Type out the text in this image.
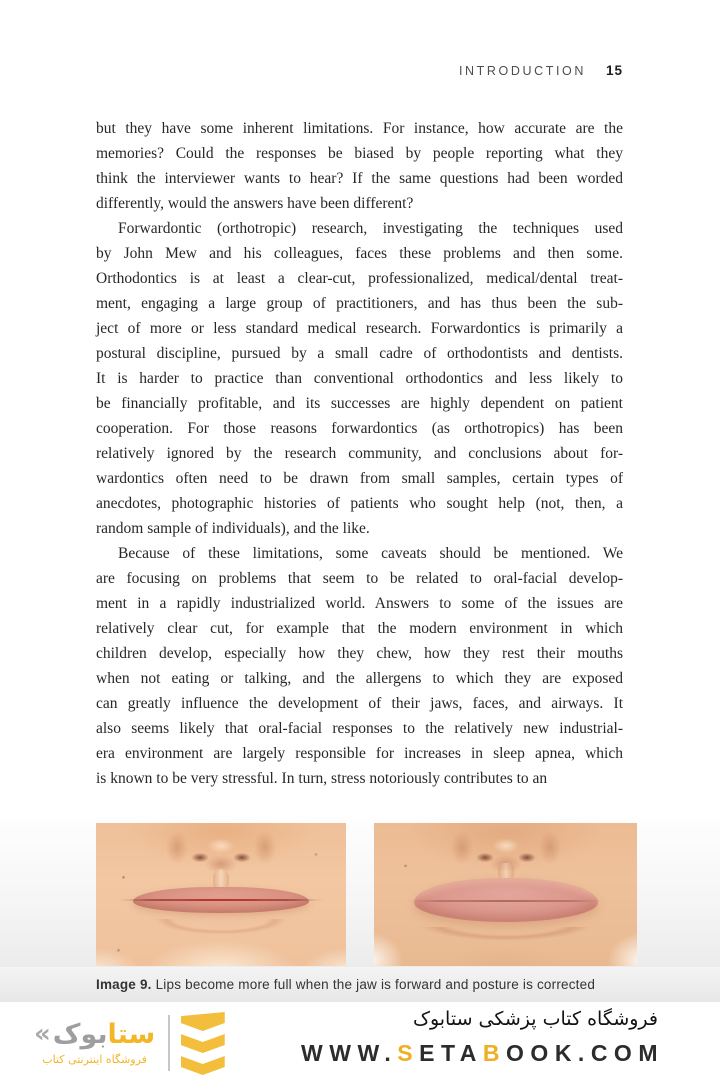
INTRODUCTION 15
but they have some inherent limitations. For instance, how accurate are the
memories? Could the responses be biased by people reporting what they
think the interviewer wants to hear? If the same questions had been worded
differently, would the answers have been different?
Forwardontic (orthotropic) research, investigating the techniques used
by John Mew and his colleagues, faces these problems and then some.
Orthodontics is at least a clear-cut, professionalized, medical/dental treat-
ment, engaging a large group of practitioners, and has thus been the sub-
ject of more or less standard medical research. Forwardontics is primarily a
postural discipline, pursued by a small cadre of orthodontists and dentists.
It is harder to practice than conventional orthodontics and less likely to
be financially profitable, and its successes are highly dependent on patient
cooperation. For those reasons forwardontics (as orthotropics) has been
relatively ignored by the research community, and conclusions about for-
wardontics often need to be drawn from small samples, certain types of
anecdotes, photographic histories of patients who sought help (not, then, a
random sample of individuals), and the like.
Because of these limitations, some caveats should be mentioned. We
are focusing on problems that seem to be related to oral-facial develop-
ment in a rapidly industrialized world. Answers to some of the issues are
relatively clear cut, for example that the modern environment in which
children develop, especially how they chew, how they rest their mouths
when not eating or talking, and the allergens to which they are exposed
can greatly influence the development of their jaws, faces, and airways. It
also seems likely that oral-facial responses to the relatively new industrial-
era environment are largely responsible for increases in sleep apnea, which
is known to be very stressful. In turn, stress notoriously contributes to an
Image 9. Lips become more full when the jaw is forward and posture is corrected
«	ستابوک
فروشگاه اینترنتی کتاب
فروشگاه کتاب پزشکی ستابوک
WWW.SETABOOK.COM
